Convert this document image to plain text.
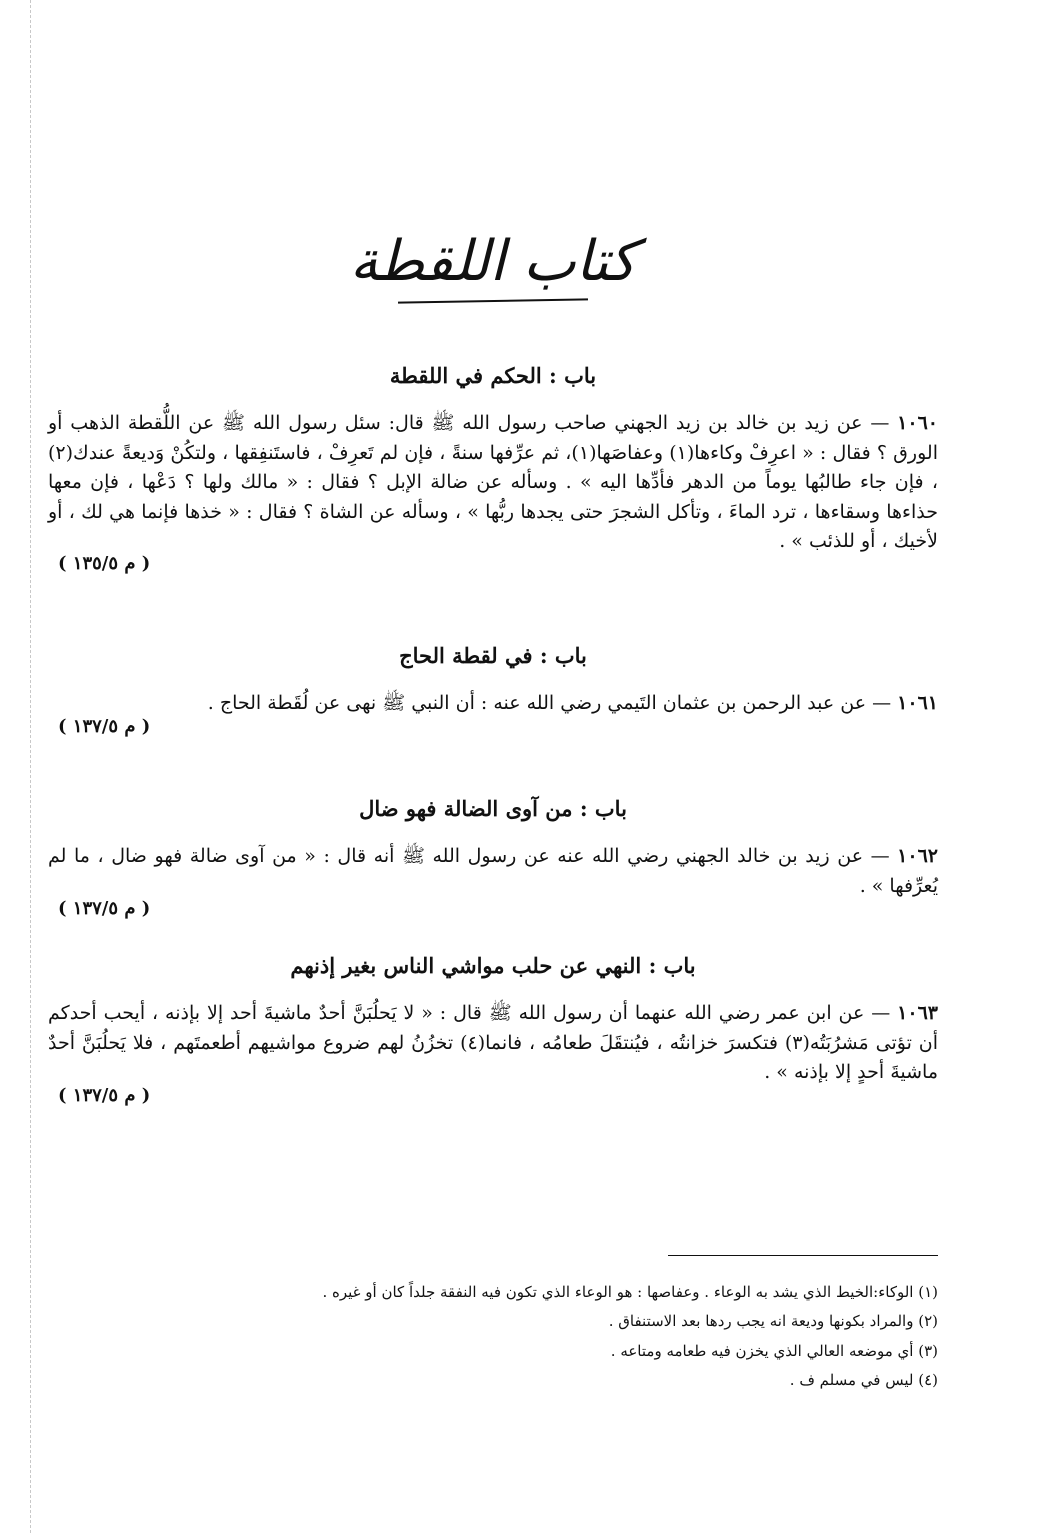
كتاب اللقطة
باب : الحكم في اللقطة

١٠٦٠ — عن زيد بن خالد بن زيد الجهني صاحب رسول الله ﷺ قال: سئل رسول الله ﷺ عن اللُّقطة الذهب أو الورق ؟ فقال : « اعرِفْ وكاءها(١) وعفاصَها(١)، ثم عرِّفها سنةً ، فإن لم تَعرِفْ ، فاستَنفِقها ، ولتكُنْ وَديعةً عندك(٢) ، فإن جاء طالبُها يوماً من الدهر فأدِّها اليه » . وسأله عن ضالة الإبل ؟ فقال : « مالك ولها ؟ دَعْها ، فإن معها حذاءها وسقاءها ، ترد الماءَ ، وتأكل الشجرَ حتى يجدها ربُّها » ، وسأله عن الشاة ؟ فقال : « خذها فإنما هي لك ، أو لأخيك ، أو للذئب » .
( م ١٣٥/٥ )

باب : في لقطة الحاج

١٠٦١ — عن عبد الرحمن بن عثمان التَيمي رضي الله عنه : أن النبي ﷺ نهى عن لُقَطة الحاج .
( م ١٣٧/٥ )

باب : من آوى الضالة فهو ضال

١٠٦٢ — عن زيد بن خالد الجهني رضي الله عنه عن رسول الله ﷺ أنه قال : « من آوى ضالة فهو ضال ، ما لم يُعرِّفها » .
( م ١٣٧/٥ )

باب : النهي عن حلب مواشي الناس بغير إذنهم

١٠٦٣ — عن ابن عمر رضي الله عنهما أن رسول الله ﷺ قال : « لا يَحلُبَنَّ أحدٌ ماشيةَ أحد إلا بإذنه ، أيحب أحدكم أن تؤتى مَشرُبَتُه(٣) فتكسرَ خزانتُه ، فيُنتقَلَ طعامُه ، فانما(٤) تخزُنُ لهم ضروع مواشيهم أطعمتَهم ، فلا يَحلُبَنَّ أحدٌ ماشيةَ أحدٍ إلا بإذنه » .
( م ١٣٧/٥ )

(١) الوكاء:الخيط الذي يشد به الوعاء . وعفاصها : هو الوعاء الذي تكون فيه النفقة جلداً كان أو غيره .

(٢) والمراد بكونها وديعة انه يجب ردها بعد الاستنفاق .

(٣) أي موضعه العالي الذي يخزن فيه طعامه ومتاعه .

(٤) ليس في مسلم ف .
